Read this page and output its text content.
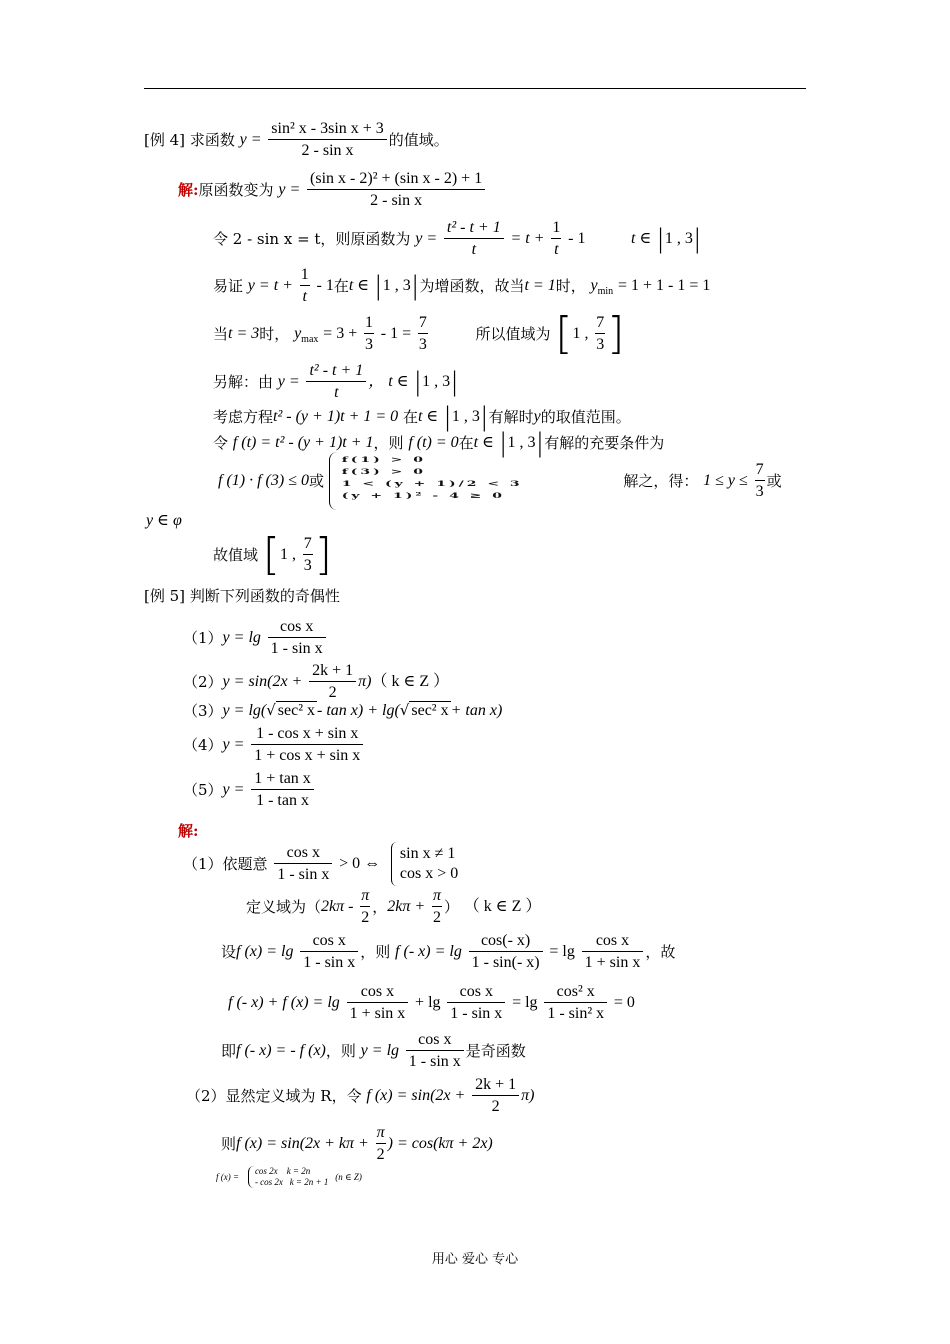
[例 4] 求函数 $y = \frac{\text{sin² x - 3sin x + 3}}{\text{2 - sin x}}$ 的值域。
解:原函数变为 $y = \frac{\text{(sin x - 2)² + (sin x - 2) + 1}}{\text{2 - sin x}}$
令 2 - sin x = t，则原函数为 $y = \frac{\text{t² - t + 1}}{t} = t + \frac{1}{t} - 1$	t ∈ |1 , 3|
易证 $y = t + \frac{1}{t} - 1$在t ∈ |1 , 3|为增函数，故当t = 1时， $y_{min} = 1 + 1 - 1 = 1$
当t = 3时， $y_{max} = 3 + \frac{1}{3} - 1 = \frac{7}{3}$	所以值域为 [1 , $\frac{7}{3}$ ]
另解：由 $y = \frac{\text{t² - t + 1}}{t}$ ， t ∈ |1 , 3|
考虑方程t² - (y + 1)t + 1 = 0 在t ∈ |1 , 3|有解时y的取值范围。
令 f (t) = t² - (y + 1)t + 1，则 f (t) = 0在t ∈ |1 , 3|有解的充要条件为
f (1) · f (3) ≤ 0或
f(1) > 0
f(3) > 0
1 < (y + 1)/2 < 3
(y + 1)² - 4 ≥ 0
解之，得： $1 \le y \le \frac{7}{3}$ 或
y ∈ φ
故值域 [1 , $\frac{7}{3}$ ]
[例 5] 判断下列函数的奇偶性
$(1)y = \lg \frac{\text{cos x}}{\text{1 - sin x}}$
$(2)y = \sin(2x + \frac{2k + 1}{2} \pi)$（ k ∈ Z ）
（3）y = lg(√ sec² x - tan x) + lg(√ sec² x + tan x)
$(4)y = \frac{\text{1 - cos x + sin x}}{\text{1 + cos x + sin x}}$
$(5)y = \frac{\text{1 + tan x}}{\text{1 - tan x}}$
解:
（1）依题意 $\frac{\text{cos x}}{\text{1 - sin x}} > 0$ ⇔
sin x ≠ 1
cos x > 0
定义域为（$2k\pi - \frac{\pi}{2}$ ，$2k\pi + \frac{\pi}{2}$ ） （ k ∈ Z ）
设f $(x) = \lg \frac{\text{cos x}}{\text{1 - sin x}}$ ，则 f (- $x) = \lg \frac{\cos(- x)}{1 - \sin(- x)} = \lg \frac{\text{cos x}}{\text{1 + sin x}}$ ，故
f (- x) + f $(x) = \lg \frac{\text{cos x}}{\text{1 + sin x}} + \lg \frac{\text{cos x}}{\text{1 - sin x}} = \lg \frac{\text{cos² x}}{\text{1 - sin² x}} = 0$
即f (- x) = - f (x)，则 $y = \lg \frac{\text{cos x}}{\text{1 - sin x}}$ 是奇函数
（2）显然定义域为 R，令 f $(x) = \sin(2x + \frac{2k + 1}{2} \pi)$
则f $(x) = \sin(2x + k\pi + \frac{\pi}{2}$ ) = cos(kπ + 2x)
f (x) =
cos 2x k = 2n
- cos 2x k = 2n + 1 (n ∈ Z)
用心 爱心 专心
